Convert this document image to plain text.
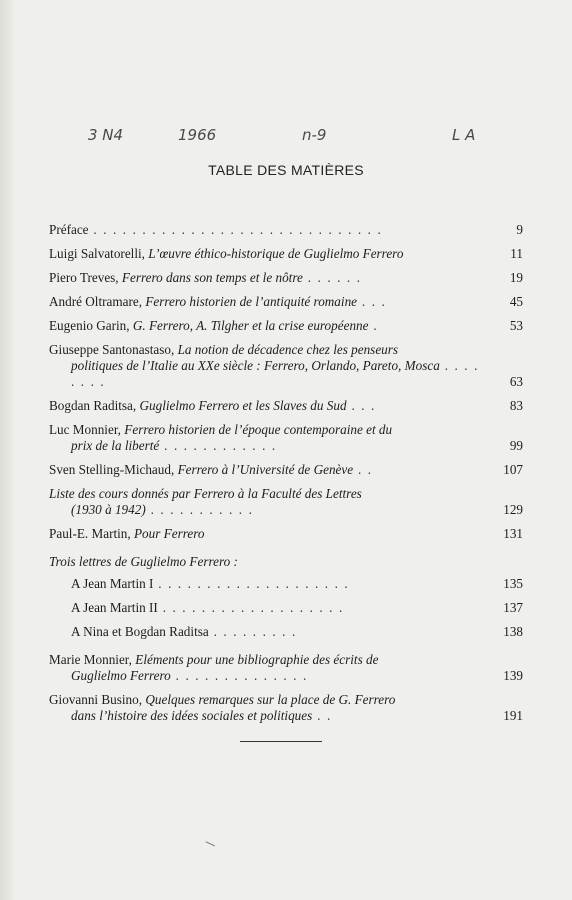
3 N4	1966	n-9	L A
TABLE DES MATIÈRES
Préface . . . . . . . . . . . . . . . . . . . . . . . . . . . . . .	9
Luigi Salvatorelli, L’œuvre éthico-historique de Guglielmo Ferrero	11
Piero Treves, Ferrero dans son temps et le nôtre . . . . . .	19
André Oltramare, Ferrero historien de l’antiquité romaine . . .	45
Eugenio Garin, G. Ferrero, A. Tilgher et la crise européenne .	53
Giuseppe Santonastaso, La notion de décadence chez les penseurs
politiques de l’Italie au XXe siècle : Ferrero, Orlando, Pareto, Mosca . . . . . . . .	63
Bogdan Raditsa, Guglielmo Ferrero et les Slaves du Sud . . .	83
Luc Monnier, Ferrero historien de l’époque contemporaine et du
prix de la liberté . . . . . . . . . . . .	99
Sven Stelling-Michaud, Ferrero à l’Université de Genève . .	107
Liste des cours donnés par Ferrero à la Faculté des Lettres
(1930 à 1942) . . . . . . . . . . .	129
Paul-E. Martin, Pour Ferrero	131
Trois lettres de Guglielmo Ferrero :
A Jean Martin I . . . . . . . . . . . . . . . . . . . .	135
A Jean Martin II . . . . . . . . . . . . . . . . . . .	137
A Nina et Bogdan Raditsa . . . . . . . . .	138
Marie Monnier, Eléments pour une bibliographie des écrits de
Guglielmo Ferrero . . . . . . . . . . . . . .	139
Giovanni Busino, Quelques remarques sur la place de G. Ferrero
dans l’histoire des idées sociales et politiques . .	191
